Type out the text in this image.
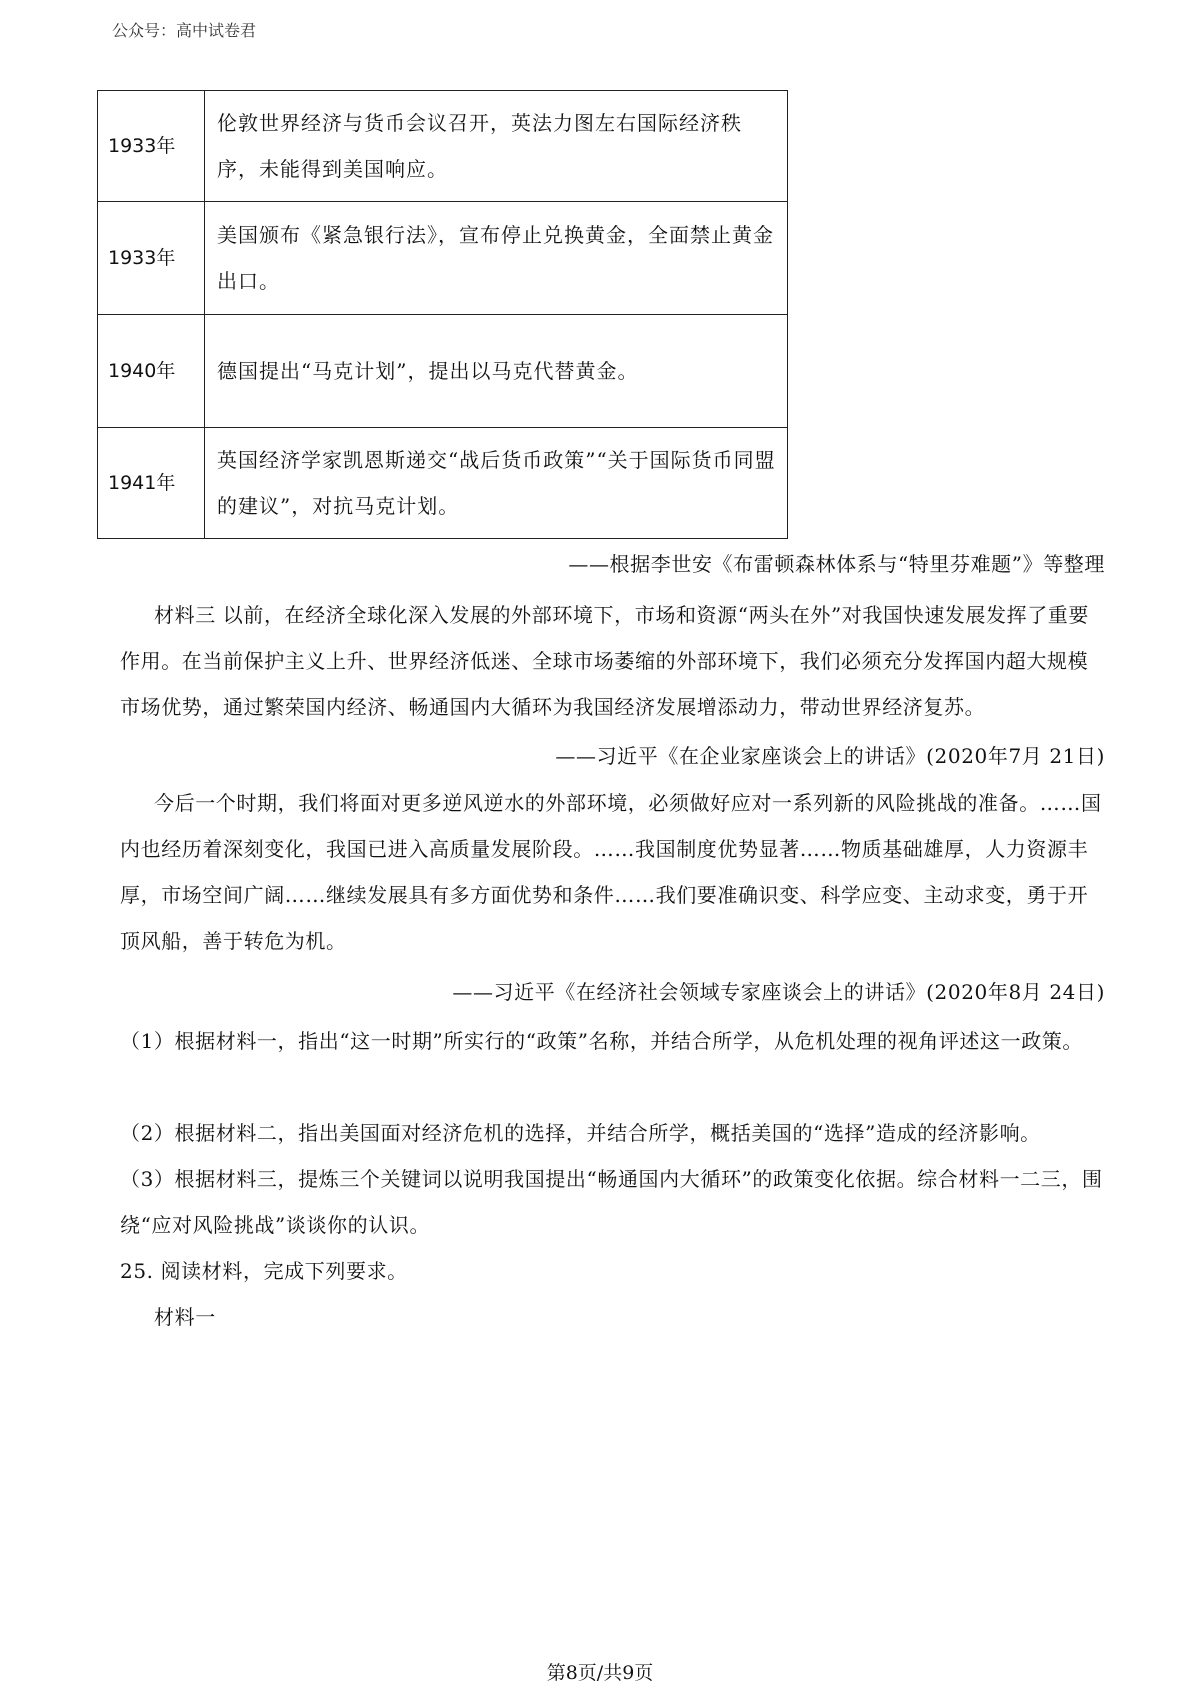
公众号：高中试卷君
1933年	伦敦世界经济与货币会议召开，英法力图左右国际经济秩序，未能得到美国响应。
1933年	美国颁布《紧急银行法》，宣布停止兑换黄金，全面禁止黄金出口。
1940年	德国提出“马克计划”，提出以马克代替黄金。
1941年	英国经济学家凯恩斯递交“战后货币政策”“关于国际货币同盟的建议”，对抗马克计划。
——根据李世安《布雷顿森林体系与“特里芬难题”》等整理
材料三 以前，在经济全球化深入发展的外部环境下，市场和资源“两头在外”对我国快速发展发挥了重要作用。在当前保护主义上升、世界经济低迷、全球市场萎缩的外部环境下，我们必须充分发挥国内超大规模市场优势，通过繁荣国内经济、畅通国内大循环为我国经济发展增添动力，带动世界经济复苏。
——习近平《在企业家座谈会上的讲话》(2020年7月 21日)
今后一个时期，我们将面对更多逆风逆水的外部环境，必须做好应对一系列新的风险挑战的准备。……国内也经历着深刻变化，我国已进入高质量发展阶段。……我国制度优势显著……物质基础雄厚，人力资源丰厚，市场空间广阔……继续发展具有多方面优势和条件……我们要准确识变、科学应变、主动求变，勇于开顶风船，善于转危为机。
——习近平《在经济社会领域专家座谈会上的讲话》(2020年8月 24日)
（1）根据材料一，指出“这一时期”所实行的“政策”名称，并结合所学，从危机处理的视角评述这一政策。
（2）根据材料二，指出美国面对经济危机的选择，并结合所学，概括美国的“选择”造成的经济影响。
（3）根据材料三，提炼三个关键词以说明我国提出“畅通国内大循环”的政策变化依据。综合材料一二三，围绕“应对风险挑战”谈谈你的认识。
25. 阅读材料，完成下列要求。
材料一
第8页/共9页
